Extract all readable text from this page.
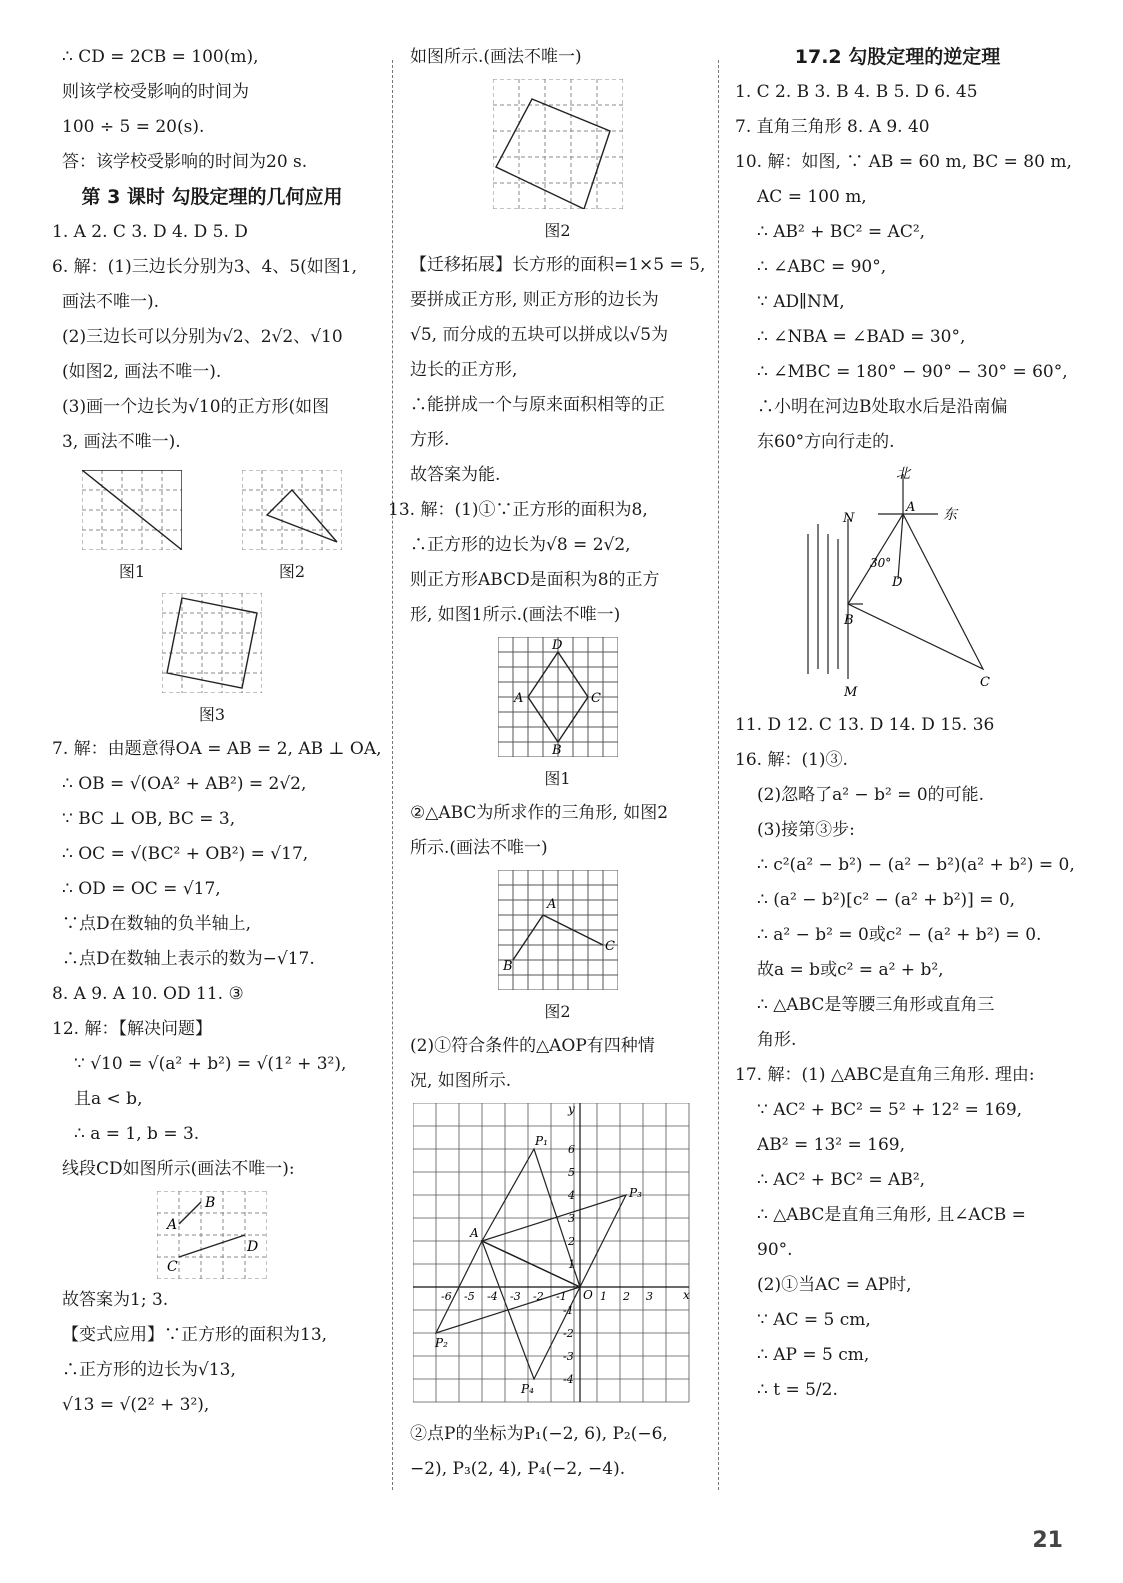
∴ CD = 2CB = 100(m),
则该学校受影响的时间为
100 ÷ 5 = 20(s).
答：该学校受影响的时间为20 s.
第 3 课时 勾股定理的几何应用
1. A 2. C 3. D 4. D 5. D
6. 解：(1)三边长分别为3、4、5(如图1,
画法不唯一).
(2)三边长可以分别为√2、2√2、√10
(如图2, 画法不唯一).
(3)画一个边长为√10的正方形(如图
3, 画法不唯一).
图1	图2
图3
7. 解：由题意得OA = AB = 2, AB ⊥ OA,
∴ OB = √(OA² + AB²) = 2√2,
∵ BC ⊥ OB, BC = 3,
∴ OC = √(BC² + OB²) = √17,
∴ OD = OC = √17,
∵点D在数轴的负半轴上,
∴点D在数轴上表示的数为−√17.
8. A 9. A 10. OD 11. ③
12. 解：【解决问题】
∵ √10 = √(a² + b²) = √(1² + 3²),
且a < b,
∴ a = 1, b = 3.
线段CD如图所示(画法不唯一):
B
A
D
C
故答案为1; 3.
【变式应用】∵正方形的面积为13,
∴正方形的边长为√13,
√13 = √(2² + 3²),
如图所示.(画法不唯一)
图2
【迁移拓展】长方形的面积=1×5 = 5,
要拼成正方形, 则正方形的边长为
√5, 而分成的五块可以拼成以√5为
边长的正方形,
∴能拼成一个与原来面积相等的正
方形.
故答案为能.
13. 解：(1)①∵正方形的面积为8,
∴正方形的边长为√8 = 2√2,
则正方形ABCD是面积为8的正方
形, 如图1所示.(画法不唯一)
D
A	C
B
图1
②△ABC为所求作的三角形, 如图2
所示.(画法不唯一)
A
B
C
图2
(2)①符合条件的△AOP有四种情
况, 如图所示.
x
y
O
P₁
P₂
P₃
P₄
A
-6 -5 -4 -3 -2 -1	1 2 3
6
5
4
3
2
1
-1
-2
-3
-4
②点P的坐标为P₁(−2, 6), P₂(−6,
−2), P₃(2, 4), P₄(−2, −4).
17.2 勾股定理的逆定理
1. C 2. B 3. B 4. B 5. D 6. 45
7. 直角三角形 8. A 9. 40
10. 解：如图, ∵ AB = 60 m, BC = 80 m,
AC = 100 m,
∴ AB² + BC² = AC²,
∴ ∠ABC = 90°,
∵ AD∥NM,
∴ ∠NBA = ∠BAD = 30°,
∴ ∠MBC = 180° − 90° − 30° = 60°,
∴小明在河边B处取水后是沿南偏
东60°方向行走的.
北
东
A
N
30°
D
B
C
M
11. D 12. C 13. D 14. D 15. 36
16. 解：(1)③.
(2)忽略了a² − b² = 0的可能.
(3)接第③步:
∴ c²(a² − b²) − (a² − b²)(a² + b²) = 0,
∴ (a² − b²)[c² − (a² + b²)] = 0,
∴ a² − b² = 0或c² − (a² + b²) = 0.
故a = b或c² = a² + b²,
∴ △ABC是等腰三角形或直角三
角形.
17. 解：(1) △ABC是直角三角形. 理由:
∵ AC² + BC² = 5² + 12² = 169,
AB² = 13² = 169,
∴ AC² + BC² = AB²,
∴ △ABC是直角三角形, 且∠ACB =
90°.
(2)①当AC = AP时,
∵ AC = 5 cm,
∴ AP = 5 cm,
∴ t = 5/2.
21
